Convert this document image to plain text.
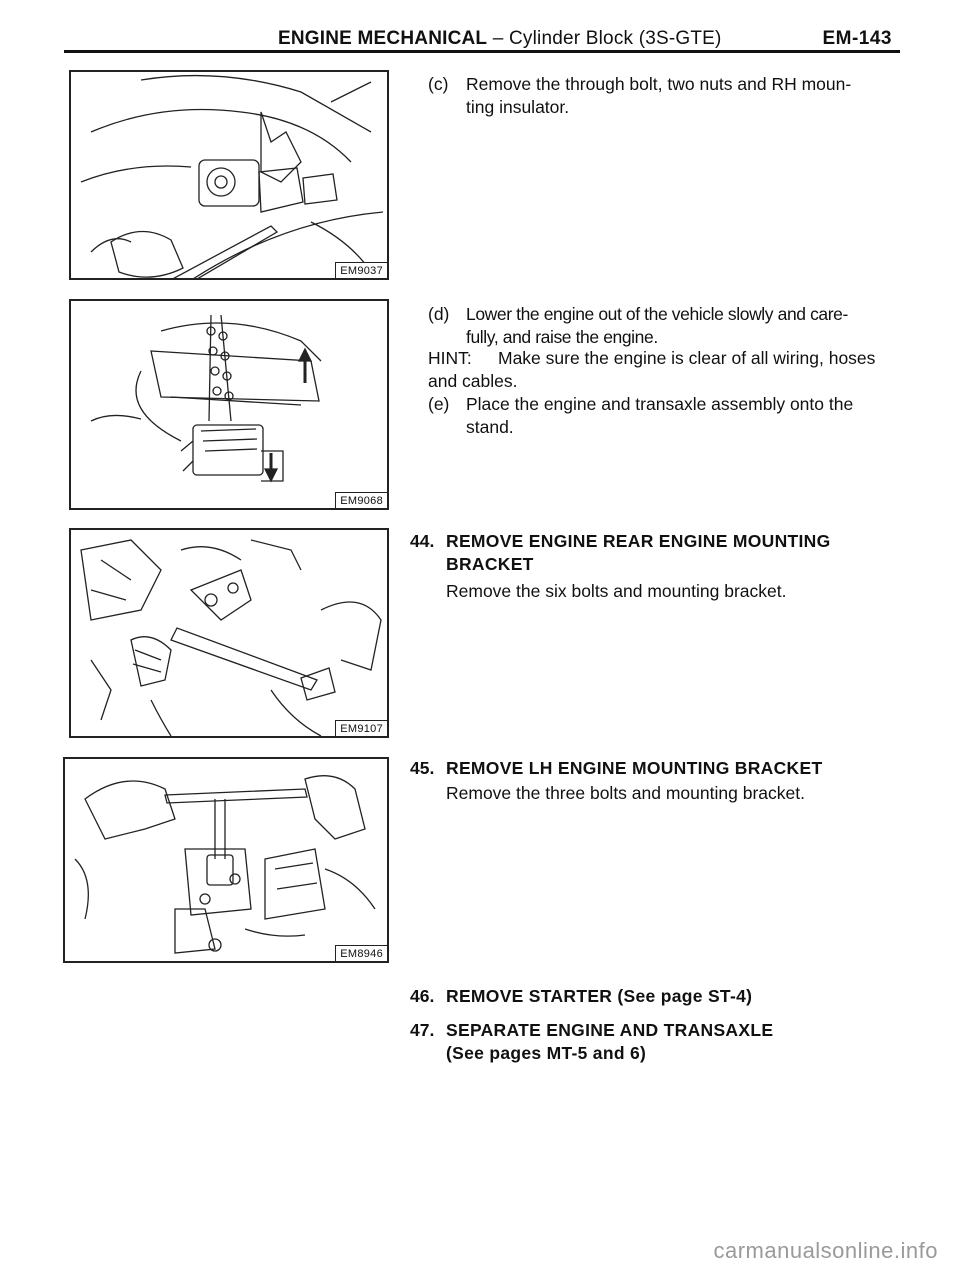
ENGINE MECHANICAL – Cylinder Block (3S-GTE)	EM-143
EM9037
EM9068
EM9107
EM8946
(c) Remove the through bolt, two nuts and RH moun-
ting insulator.
(d) Lower the engine out of the vehicle slowly and care-
fully, and raise the engine.
HINT: Make sure the engine is clear of all wiring, hoses
and cables.
(e) Place the engine and transaxle assembly onto the
stand.
44. REMOVE ENGINE REAR ENGINE MOUNTING
BRACKET
Remove the six bolts and mounting bracket.
45. REMOVE LH ENGINE MOUNTING BRACKET
Remove the three bolts and mounting bracket.
46. REMOVE STARTER (See page ST-4)
47. SEPARATE ENGINE AND TRANSAXLE
(See pages MT-5 and 6)
carmanualsonline.info
